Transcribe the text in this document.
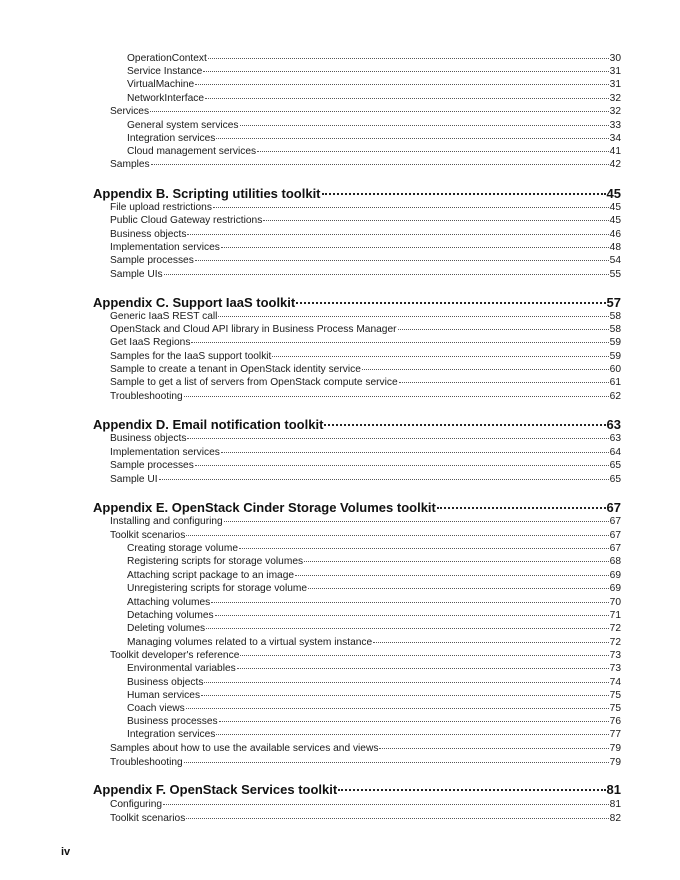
OperationContext	30
Service Instance	31
VirtualMachine	31
NetworkInterface	32
Services	32
General system services	33
Integration services	34
Cloud management services	41
Samples	42
Appendix B. Scripting utilities toolkit	45
File upload restrictions	45
Public Cloud Gateway restrictions	45
Business objects	46
Implementation services	48
Sample processes	54
Sample UIs	55
Appendix C. Support IaaS toolkit	57
Generic IaaS REST call	58
OpenStack and Cloud API library in Business Process Manager	58
Get IaaS Regions	59
Samples for the IaaS support toolkit	59
Sample to create a tenant in OpenStack identity service	60
Sample to get a list of servers from OpenStack compute service	61
Troubleshooting	62
Appendix D. Email notification toolkit	63
Business objects	63
Implementation services	64
Sample processes	65
Sample UI	65
Appendix E. OpenStack Cinder Storage Volumes toolkit	67
Installing and configuring	67
Toolkit scenarios	67
Creating storage volume	67
Registering scripts for storage volumes	68
Attaching script package to an image	69
Unregistering scripts for storage volume	69
Attaching volumes	70
Detaching volumes	71
Deleting volumes	72
Managing volumes related to a virtual system instance	72
Toolkit developer's reference	73
Environmental variables	73
Business objects	74
Human services	75
Coach views	75
Business processes	76
Integration services	77
Samples about how to use the available services and views	79
Troubleshooting	79
Appendix F. OpenStack Services toolkit	81
Configuring	81
Toolkit scenarios	82
iv
